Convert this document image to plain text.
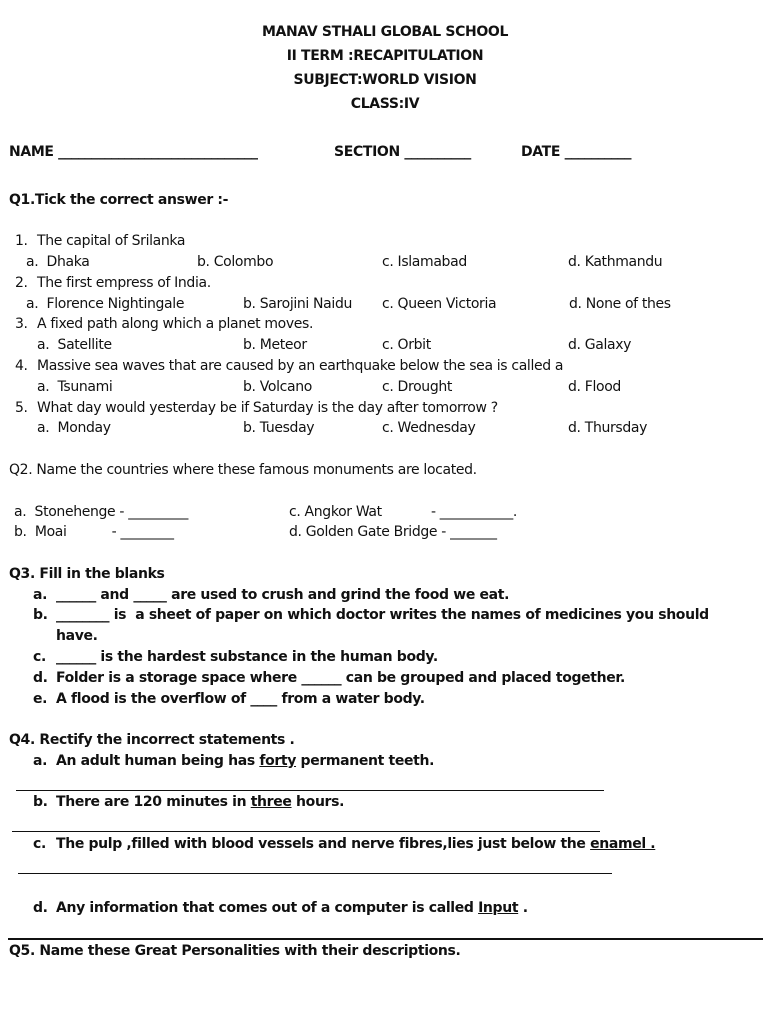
MANAV STHALI GLOBAL SCHOOL
II TERM :RECAPITULATION
SUBJECT:WORLD VISION
CLASS:IV
NAME ______________________________	SECTION __________	DATE __________
Q1.Tick the correct answer :-
1. The capital of Srilanka
a.  Dhaka	b. Colombo	c. Islamabad	d. Kathmandu
2. The first empress of India.
a.  Florence Nightingale	b. Sarojini Naidu c. Queen Victoria	d. None of thes
3. A fixed path along which a planet moves.
a.  Satellite	b. Meteor	c. Orbit	d. Galaxy
4. Massive sea waves that are caused by an earthquake below the sea is called a
a.  Tsunami	b. Volcano	c. Drought	d. Flood
5. What day would yesterday be if Saturday is the day after tomorrow ?
a.  Monday	b. Tuesday	c. Wednesday	d. Thursday
Q2. Name the countries where these famous monuments are located.
a.  Stonehenge - _________	c. Angkor Wat            - ___________.
b.  Moai           - ________	d. Golden Gate Bridge - _______
Q3. Fill in the blanks
a. ______ and _____ are used to crush and grind the food we eat.
b. ________ is  a sheet of paper on which doctor writes the names of medicines you should
have.
c. ______ is the hardest substance in the human body.
d. Folder is a storage space where ______ can be grouped and placed together.
e. A flood is the overflow of ____ from a water body.
Q4. Rectify the incorrect statements .
a. An adult human being has forty permanent teeth.
b. There are 120 minutes in three hours.
c. The pulp ,filled with blood vessels and nerve fibres,lies just below the enamel .
d. Any information that comes out of a computer is called Input .
Q5. Name these Great Personalities with their descriptions.
